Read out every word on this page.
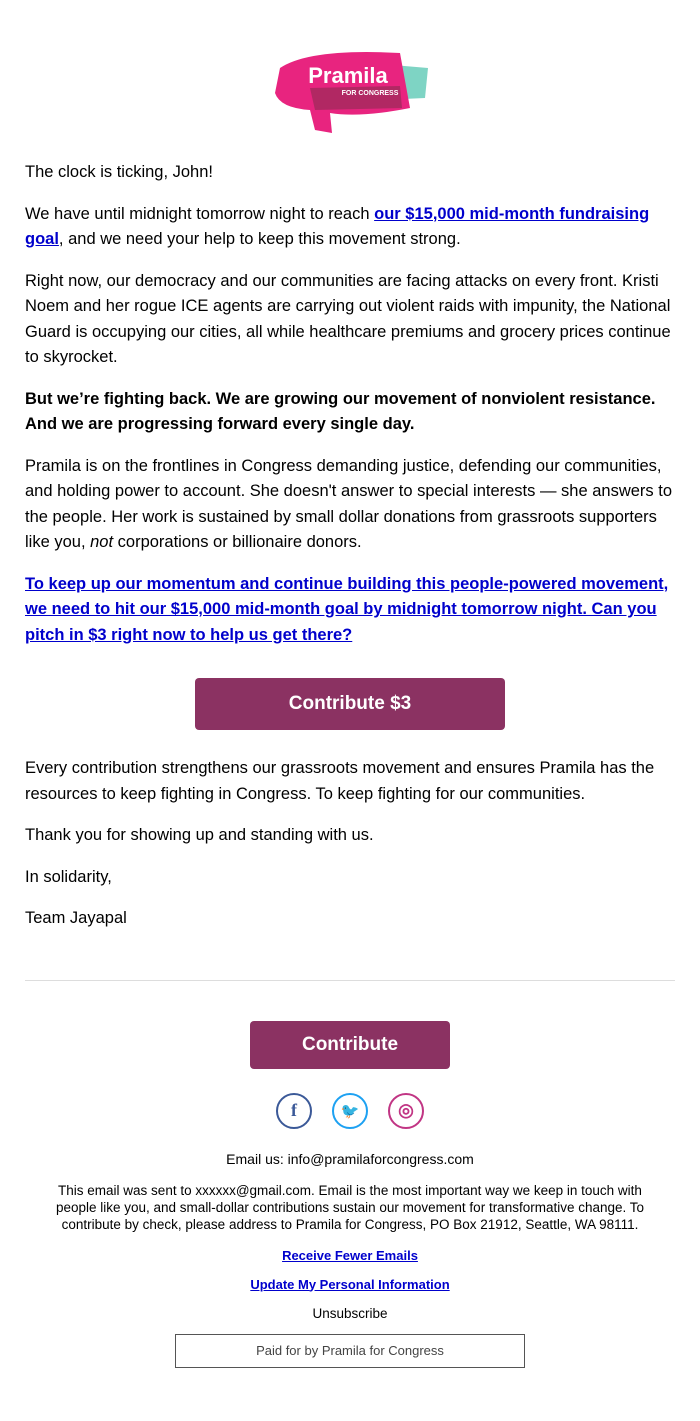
Pramila
FOR CONGRESS

The clock is ticking, John!

We have until midnight tomorrow night to reach our $15,000 mid-month fundraising goal, and we need your help to keep this movement strong.

Right now, our democracy and our communities are facing attacks on every front. Kristi Noem and her rogue ICE agents are carrying out violent raids with impunity, the National Guard is occupying our cities, all while healthcare premiums and grocery prices continue to skyrocket.

But we’re fighting back. We are growing our movement of nonviolent resistance. And we are progressing forward every single day.

Pramila is on the frontlines in Congress demanding justice, defending our communities, and holding power to account. She doesn't answer to special interests — she answers to the people. Her work is sustained by small dollar donations from grassroots supporters like you, not corporations or billionaire donors.

To keep up our momentum and continue building this people-powered movement, we need to hit our $15,000 mid-month goal by midnight tomorrow night. Can you pitch in $3 right now to help us get there?

Contribute $3

Every contribution strengthens our grassroots movement and ensures Pramila has the resources to keep fighting in Congress. To keep fighting for our communities.

Thank you for showing up and standing with us.

In solidarity,

Team Jayapal

Contribute
f	🐦	◎

Email us: info@pramilaforcongress.com

This email was sent to xxxxxx@gmail.com. Email is the most important way we keep in touch with people like you, and small-dollar contributions sustain our movement for transformative change. To contribute by check, please address to Pramila for Congress, PO Box 21912, Seattle, WA 98111.

Receive Fewer Emails

Update My Personal Information

Unsubscribe

Paid for by Pramila for Congress
